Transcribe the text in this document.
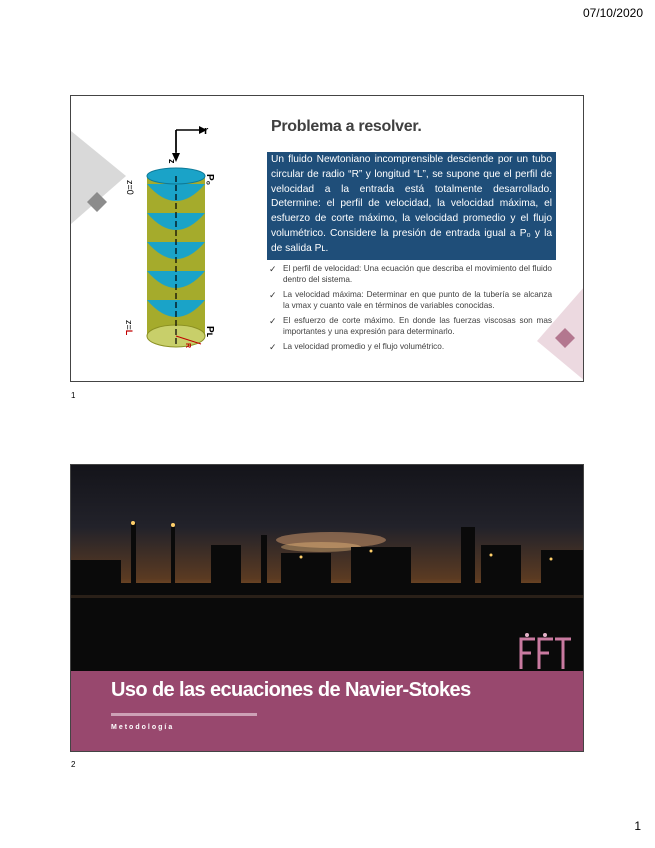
07/10/2020
r
z
R
z=0
P₀
z=L	Pʟ
Problema a resolver.
Un fluido Newtoniano incomprensible desciende por un tubo circular de radio “R” y longitud “L”, se supone que el perfil de velocidad a la entrada está totalmente desarrollado. Determine: el perfil de velocidad, la velocidad máxima, el esfuerzo de corte máximo, la velocidad promedio y el flujo volumétrico. Considere la presión de entrada igual a P₀ y la de salida Pʟ.
✓ El perfil de velocidad: Una ecuación que describa el movimiento del fluido dentro del sistema.
✓ La velocidad máxima: Determinar en que punto de la tubería se alcanza la vmax y cuanto vale en términos de variables conocidas.
✓ El esfuerzo de corte máximo. En donde las fuerzas viscosas son mas importantes y una expresión para determinarlo.
✓ La velocidad promedio y el flujo volumétrico.
1
Uso de las ecuaciones de Navier-Stokes
Metodología
2
1
